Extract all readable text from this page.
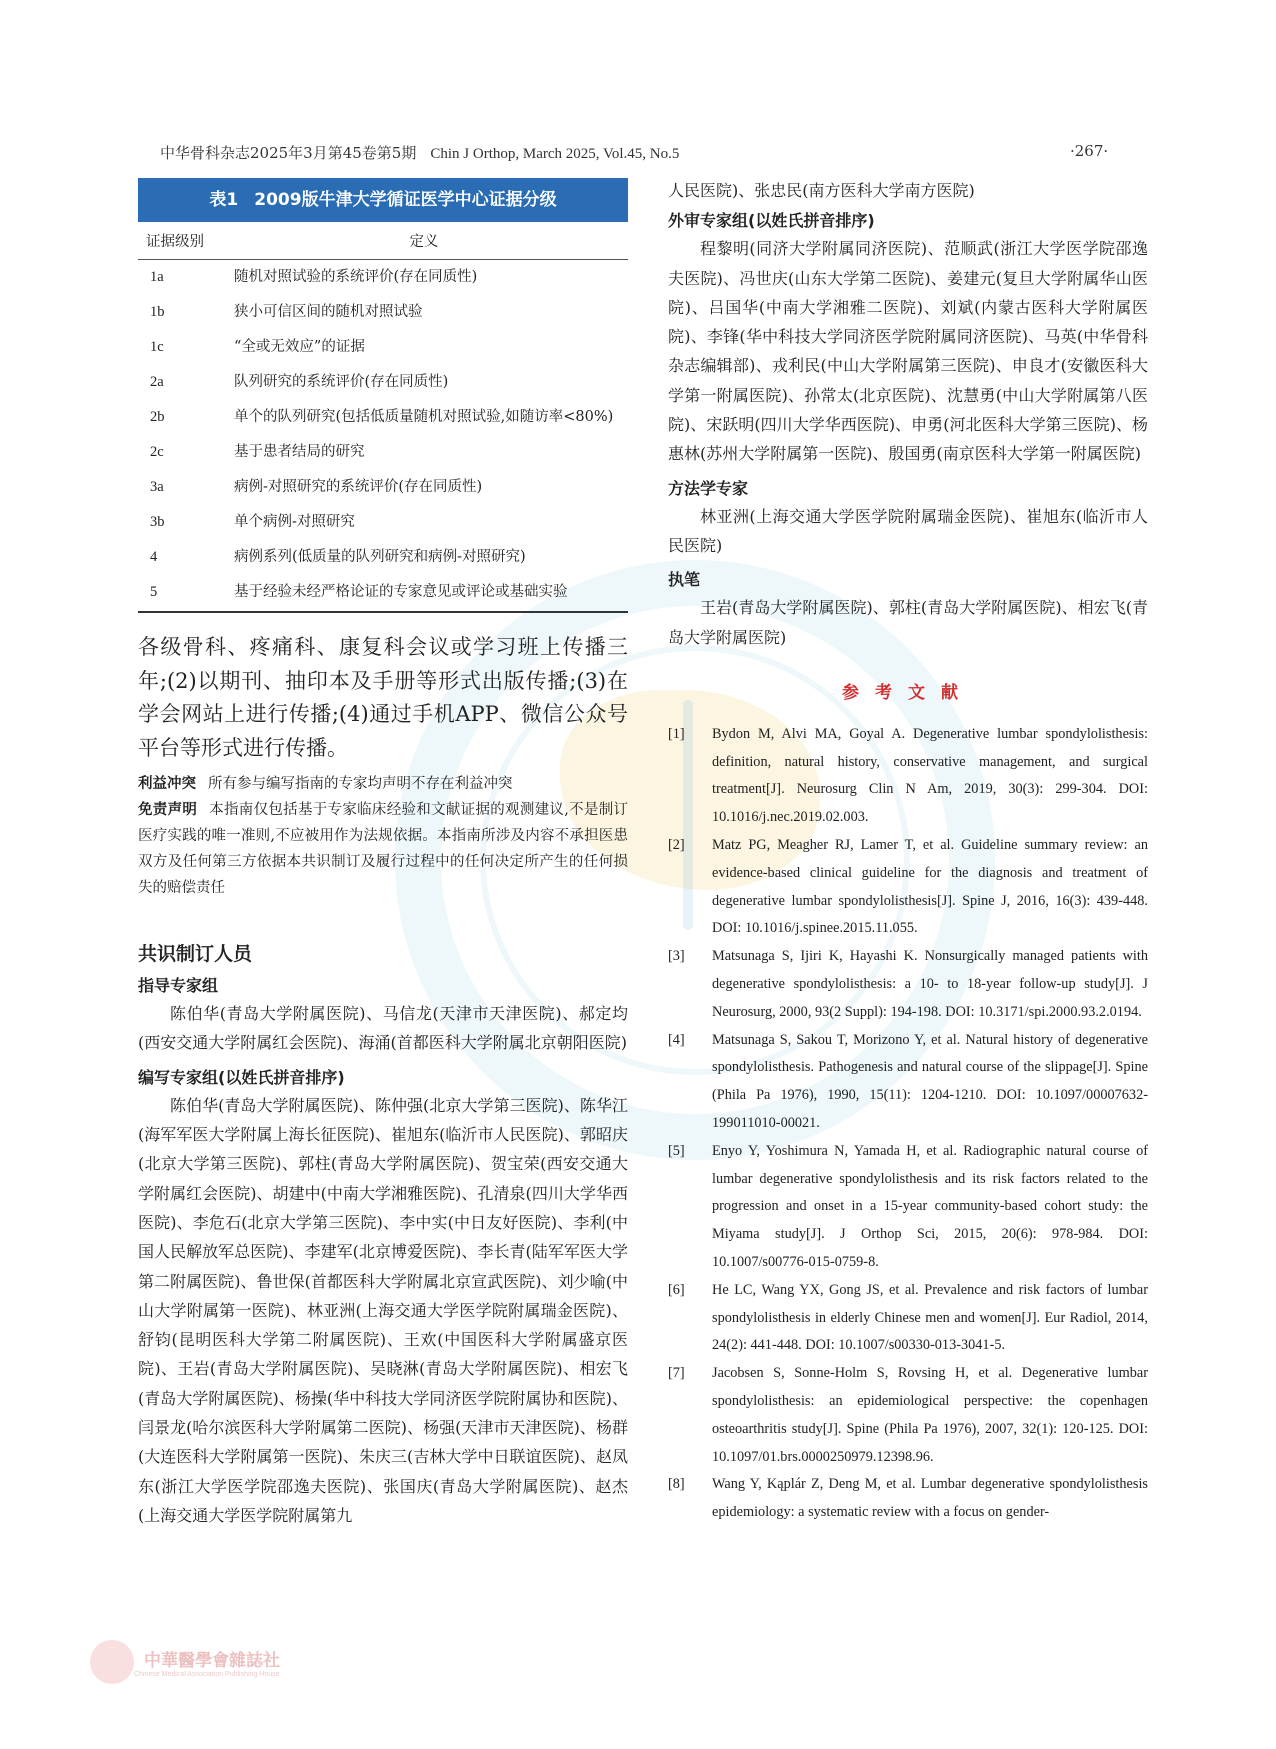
中华骨科杂志2025年3月第45卷第5期 Chin J Orthop, March 2025, Vol.45, No.5	·267·
表1 2009版牛津大学循证医学中心证据分级
证据级别	定义
1a	随机对照试验的系统评价(存在同质性)
1b	狭小可信区间的随机对照试验
1c	“全或无效应”的证据
2a	队列研究的系统评价(存在同质性)
2b	单个的队列研究(包括低质量随机对照试验,如随访率<80%)
2c	基于患者结局的研究
3a	病例-对照研究的系统评价(存在同质性)
3b	单个病例-对照研究
4	病例系列(低质量的队列研究和病例-对照研究)
5	基于经验未经严格论证的专家意见或评论或基础实验

各级骨科、疼痛科、康复科会议或学习班上传播三年;(2)以期刊、抽印本及手册等形式出版传播;(3)在学会网站上进行传播;(4)通过手机APP、微信公众号平台等形式进行传播。

利益冲突 所有参与编写指南的专家均声明不存在利益冲突
免责声明 本指南仅包括基于专家临床经验和文献证据的观测建议,不是制订医疗实践的唯一准则,不应被用作为法规依据。本指南所涉及内容不承担医患双方及任何第三方依据本共识制订及履行过程中的任何决定所产生的任何损失的赔偿责任
共识制订人员
指导专家组

陈伯华(青岛大学附属医院)、马信龙(天津市天津医院)、郝定均(西安交通大学附属红会医院)、海涌(首都医科大学附属北京朝阳医院)

编写专家组(以姓氏拼音排序)

陈伯华(青岛大学附属医院)、陈仲强(北京大学第三医院)、陈华江(海军军医大学附属上海长征医院)、崔旭东(临沂市人民医院)、郭昭庆(北京大学第三医院)、郭柱(青岛大学附属医院)、贺宝荣(西安交通大学附属红会医院)、胡建中(中南大学湘雅医院)、孔清泉(四川大学华西医院)、李危石(北京大学第三医院)、李中实(中日友好医院)、李利(中国人民解放军总医院)、李建军(北京博爱医院)、李长青(陆军军医大学第二附属医院)、鲁世保(首都医科大学附属北京宣武医院)、刘少喻(中山大学附属第一医院)、林亚洲(上海交通大学医学院附属瑞金医院)、舒钧(昆明医科大学第二附属医院)、王欢(中国医科大学附属盛京医院)、王岩(青岛大学附属医院)、吴晓淋(青岛大学附属医院)、相宏飞(青岛大学附属医院)、杨操(华中科技大学同济医学院附属协和医院)、闫景龙(哈尔滨医科大学附属第二医院)、杨强(天津市天津医院)、杨群(大连医科大学附属第一医院)、朱庆三(吉林大学中日联谊医院)、赵凤东(浙江大学医学院邵逸夫医院)、张国庆(青岛大学附属医院)、赵杰(上海交通大学医学院附属第九

人民医院)、张忠民(南方医科大学南方医院)

外审专家组(以姓氏拼音排序)

程黎明(同济大学附属同济医院)、范顺武(浙江大学医学院邵逸夫医院)、冯世庆(山东大学第二医院)、姜建元(复旦大学附属华山医院)、吕国华(中南大学湘雅二医院)、刘斌(内蒙古医科大学附属医院)、李锋(华中科技大学同济医学院附属同济医院)、马英(中华骨科杂志编辑部)、戎利民(中山大学附属第三医院)、申良才(安徽医科大学第一附属医院)、孙常太(北京医院)、沈慧勇(中山大学附属第八医院)、宋跃明(四川大学华西医院)、申勇(河北医科大学第三医院)、杨惠林(苏州大学附属第一医院)、殷国勇(南京医科大学第一附属医院)

方法学专家

林亚洲(上海交通大学医学院附属瑞金医院)、崔旭东(临沂市人民医院)

执笔

王岩(青岛大学附属医院)、郭柱(青岛大学附属医院)、相宏飞(青岛大学附属医院)

参考文献
[1]	Bydon M, Alvi MA, Goyal A. Degenerative lumbar spondylolisthesis: definition, natural history, conservative management, and surgical treatment[J]. Neurosurg Clin N Am, 2019, 30(3): 299-304. DOI: 10.1016/j.nec.2019.02.003.
[2]	Matz PG, Meagher RJ, Lamer T, et al. Guideline summary review: an evidence-based clinical guideline for the diagnosis and treatment of degenerative lumbar spondylolisthesis[J]. Spine J, 2016, 16(3): 439-448. DOI: 10.1016/j.spinee.2015.11.055.
[3]	Matsunaga S, Ijiri K, Hayashi K. Nonsurgically managed patients with degenerative spondylolisthesis: a 10- to 18-year follow-up study[J]. J Neurosurg, 2000, 93(2 Suppl): 194-198. DOI: 10.3171/spi.2000.93.2.0194.
[4]	Matsunaga S, Sakou T, Morizono Y, et al. Natural history of degenerative spondylolisthesis. Pathogenesis and natural course of the slippage[J]. Spine (Phila Pa 1976), 1990, 15(11): 1204-1210. DOI: 10.1097/00007632-199011010-00021.
[5]	Enyo Y, Yoshimura N, Yamada H, et al. Radiographic natural course of lumbar degenerative spondylolisthesis and its risk factors related to the progression and onset in a 15-year community-based cohort study: the Miyama study[J]. J Orthop Sci, 2015, 20(6): 978-984. DOI: 10.1007/s00776-015-0759-8.
[6]	He LC, Wang YX, Gong JS, et al. Prevalence and risk factors of lumbar spondylolisthesis in elderly Chinese men and women[J]. Eur Radiol, 2014, 24(2): 441-448. DOI: 10.1007/s00330-013-3041-5.
[7]	Jacobsen S, Sonne-Holm S, Rovsing H, et al. Degenerative lumbar spondylolisthesis: an epidemiological perspective: the copenhagen osteoarthritis study[J]. Spine (Phila Pa 1976), 2007, 32(1): 120-125. DOI: 10.1097/01.brs.0000250979.12398.96.
[8]	Wang Y, Kąplár Z, Deng M, et al. Lumbar degenerative spondylolisthesis epidemiology: a systematic review with a focus on gender-
中華醫學會雜誌社
Chinese Medical Association Publishing House
